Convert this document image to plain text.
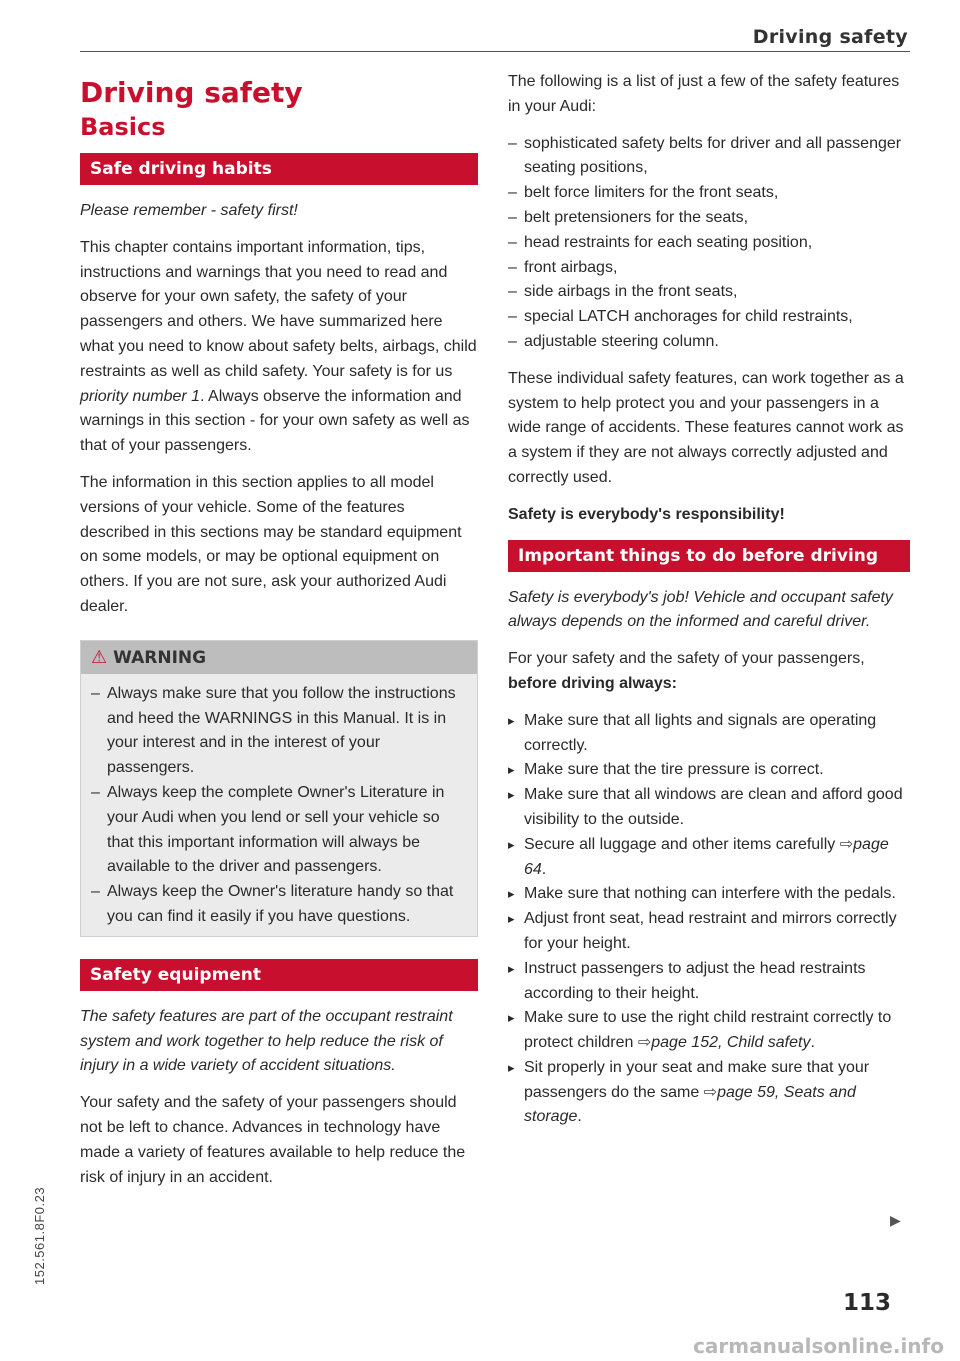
Driving safety
Driving safety
Basics
Safe driving habits

Please remember - safety first!

This chapter contains important information, tips, instructions and warnings that you need to read and observe for your own safety, the safety of your passengers and others. We have summarized here what you need to know about safety belts, airbags, child restraints as well as child safety. Your safety is for us priority number 1. Always observe the information and warnings in this section - for your own safety as well as that of your passengers.

The information in this section applies to all model versions of your vehicle. Some of the features described in this sections may be standard equipment on some models, or may be optional equipment on others. If you are not sure, ask your authorized Audi dealer.

⚠ WARNING
– Always make sure that you follow the instructions and heed the WARNINGS in this Manual. It is in your interest and in the interest of your passengers.
– Always keep the complete Owner's Literature in your Audi when you lend or sell your vehicle so that this important information will always be available to the driver and passengers.
– Always keep the Owner's literature handy so that you can find it easily if you have questions.
Safety equipment

The safety features are part of the occupant restraint system and work together to help reduce the risk of injury in a wide variety of accident situations.

Your safety and the safety of your passengers should not be left to chance. Advances in technology have made a variety of features available to help reduce the risk of injury in an accident.

The following is a list of just a few of the safety features in your Audi:

– sophisticated safety belts for driver and all passenger seating positions,
– belt force limiters for the front seats,
– belt pretensioners for the seats,
– head restraints for each seating position,
– front airbags,
– side airbags in the front seats,
– special LATCH anchorages for child restraints,
– adjustable steering column.

These individual safety features, can work together as a system to help protect you and your passengers in a wide range of accidents. These features cannot work as a system if they are not always correctly adjusted and correctly used.

Safety is everybody's responsibility!

Important things to do before driving

Safety is everybody's job! Vehicle and occupant safety always depends on the informed and careful driver.

For your safety and the safety of your passengers, before driving always:

▸ Make sure that all lights and signals are operating correctly.
▸ Make sure that the tire pressure is correct.
▸ Make sure that all windows are clean and afford good visibility to the outside.
▸ Secure all luggage and other items carefully ⇨page 64.
▸ Make sure that nothing can interfere with the pedals.
▸ Adjust front seat, head restraint and mirrors correctly for your height.
▸ Instruct passengers to adjust the head restraints according to their height.
▸ Make sure to use the right child restraint correctly to protect children ⇨page 152, Child safety.
▸ Sit properly in your seat and make sure that your passengers do the same ⇨page 59, Seats and storage.
▶
113
152.561.8F0.23
carmanualsonline.info
